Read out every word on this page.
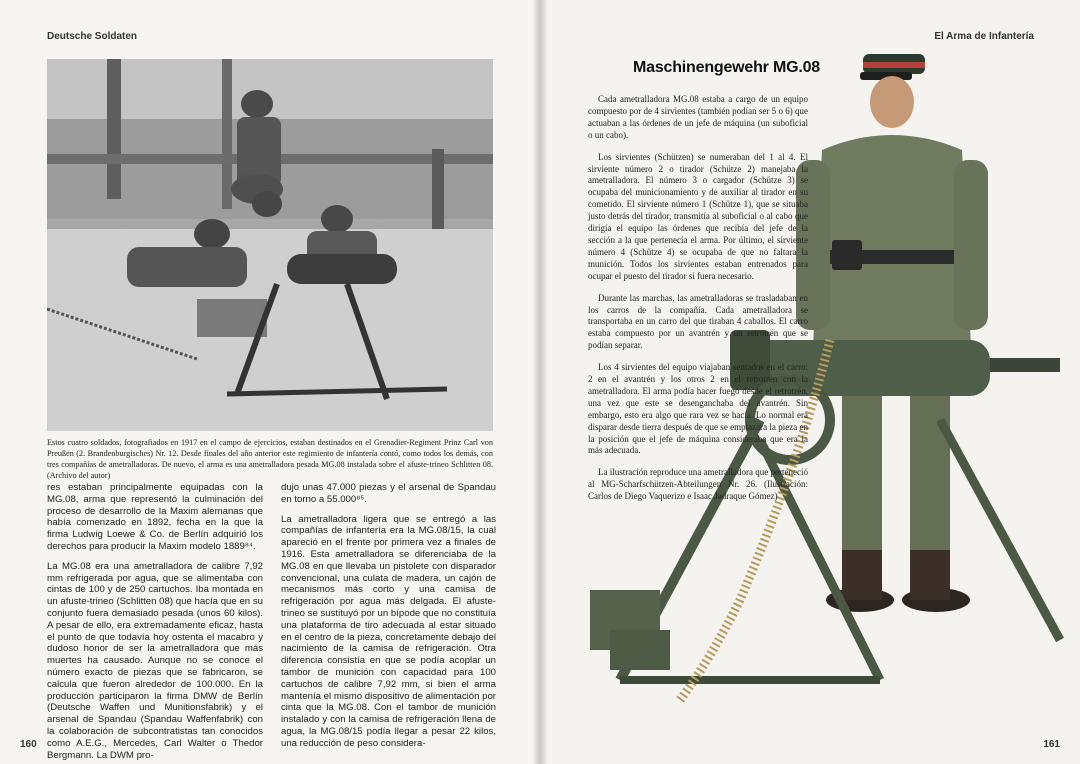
Deutsche Soldaten

Estos cuatro soldados, fotografiados en 1917 en el campo de ejercicios, estaban destinados en el Grenadier-Regiment Prinz Carl von Preußen (2. Brandenburgisches) Nr. 12. Desde finales del año anterior este regimiento de infantería contó, como todos los demás, con tres compañías de ametralladoras. De nuevo, el arma es una ametralladora pesada MG.08 instalada sobre el afuste-trineo Schlitten 08. (Archivo del autor)

res estaban principalmente equipadas con la MG.08, arma que representó la culminación del proceso de desarrollo de la Maxim alemanas que había comenzado en 1892, fecha en la que la firma Ludwig Loewe & Co. de Berlín adquirió los derechos para producir la Maxim modelo 1889⁸⁴.

La MG.08 era una ametralladora de calibre 7,92 mm refrigerada por agua, que se alimentaba con cintas de 100 y de 250 cartuchos. Iba montada en un afuste-trineo (Schlitten 08) que hacía que en su conjunto fuera demasiado pesada (unos 60 kilos). A pesar de ello, era extremadamente eficaz, hasta el punto de que todavía hoy ostenta el macabro y dudoso honor de ser la ametralladora que más muertes ha causado. Aunque no se conoce el número exacto de piezas que se fabricaron, se calcula que fueron alrededor de 100.000. En la producción participaron la firma DMW de Berlín (Deutsche Waffen und Munitionsfabrik) y el arsenal de Spandau (Spandau Waffenfabrik) con la colaboración de subcontratistas tan conocidos como A.E.G., Mercedes, Carl Walter o Thedor Bergmann. La DWM pro-

dujo unas 47.000 piezas y el arsenal de Spandau en torno a 55.000⁸⁵.

La ametralladora ligera que se entregó a las compañías de infantería era la MG.08/15, la cual apareció en el frente por primera vez a finales de 1916. Esta ametralladora se diferenciaba de la MG.08 en que llevaba un pistolete con disparador convencional, una culata de madera, un cajón de mecanismos más corto y una camisa de refrigeración por agua más delgada. El afuste-trineo se sustituyó por un bípode que no constituía una plataforma de tiro adecuada al estar situado en el centro de la pieza, concretamente debajo del nacimiento de la camisa de refrigeración. Otra diferencia consistía en que se podía acoplar un tambor de munición con capacidad para 100 cartuchos de calibre 7,92 mm, si bien el arma mantenía el mismo dispositivo de alimentación por cinta que la MG.08. Con el tambor de munición instalado y con la camisa de refrigeración llena de agua, la MG.08/15 podía llegar a pesar 22 kilos, una reducción de peso considera-

160
El Arma de Infantería
Maschinengewehr MG.08

Cada ametralladora MG.08 estaba a cargo de un equipo compuesto por de 4 sirvientes (también podían ser 5 o 6) que actuaban a las órdenes de un jefe de máquina (un suboficial o un cabo).

Los sirvientes (Schützen) se numeraban del 1 al 4. El sirviente número 2 o tirador (Schütze 2) manejaba la ametralladora. El número 3 o cargador (Schütze 3) se ocupaba del municionamiento y de auxiliar al tirador en su cometido. El sirviente número 1 (Schütze 1), que se situaba justo detrás del tirador, transmitía al suboficial o al cabo que dirigía el equipo las órdenes que recibía del jefe de la sección a la que pertenecía el arma. Por último, el sirviente número 4 (Schütze 4) se ocupaba de que no faltara la munición. Todos los sirvientes estaban entrenados para ocupar el puesto del tirador si fuera necesario.

Durante las marchas, las ametralladoras se trasladaban en los carros de la compañía. Cada ametralladora se transportaba en un carro del que tiraban 4 caballos. El carro estaba compuesto por un avantrén y un retrotrén que se podían separar.

Los 4 sirvientes del equipo viajaban sentados en el carro: 2 en el avantrén y los otros 2 en el retrotrén con la ametralladora. El arma podía hacer fuego desde el retrotrén, una vez que este se desenganchaba del avantrén. Sin embargo, esto era algo que rara vez se hacía. Lo normal era disparar desde tierra después de que se emplazara la pieza en la posición que el jefe de máquina consideraba que era la más adecuada.

La ilustración reproduce una ametralladora que perteneció al MG-Scharfschützen-Abteilungen Nr. 26. (Ilustración: Carlos de Diego Vaquerizo e Isaac Jadraque Gómez)

161
